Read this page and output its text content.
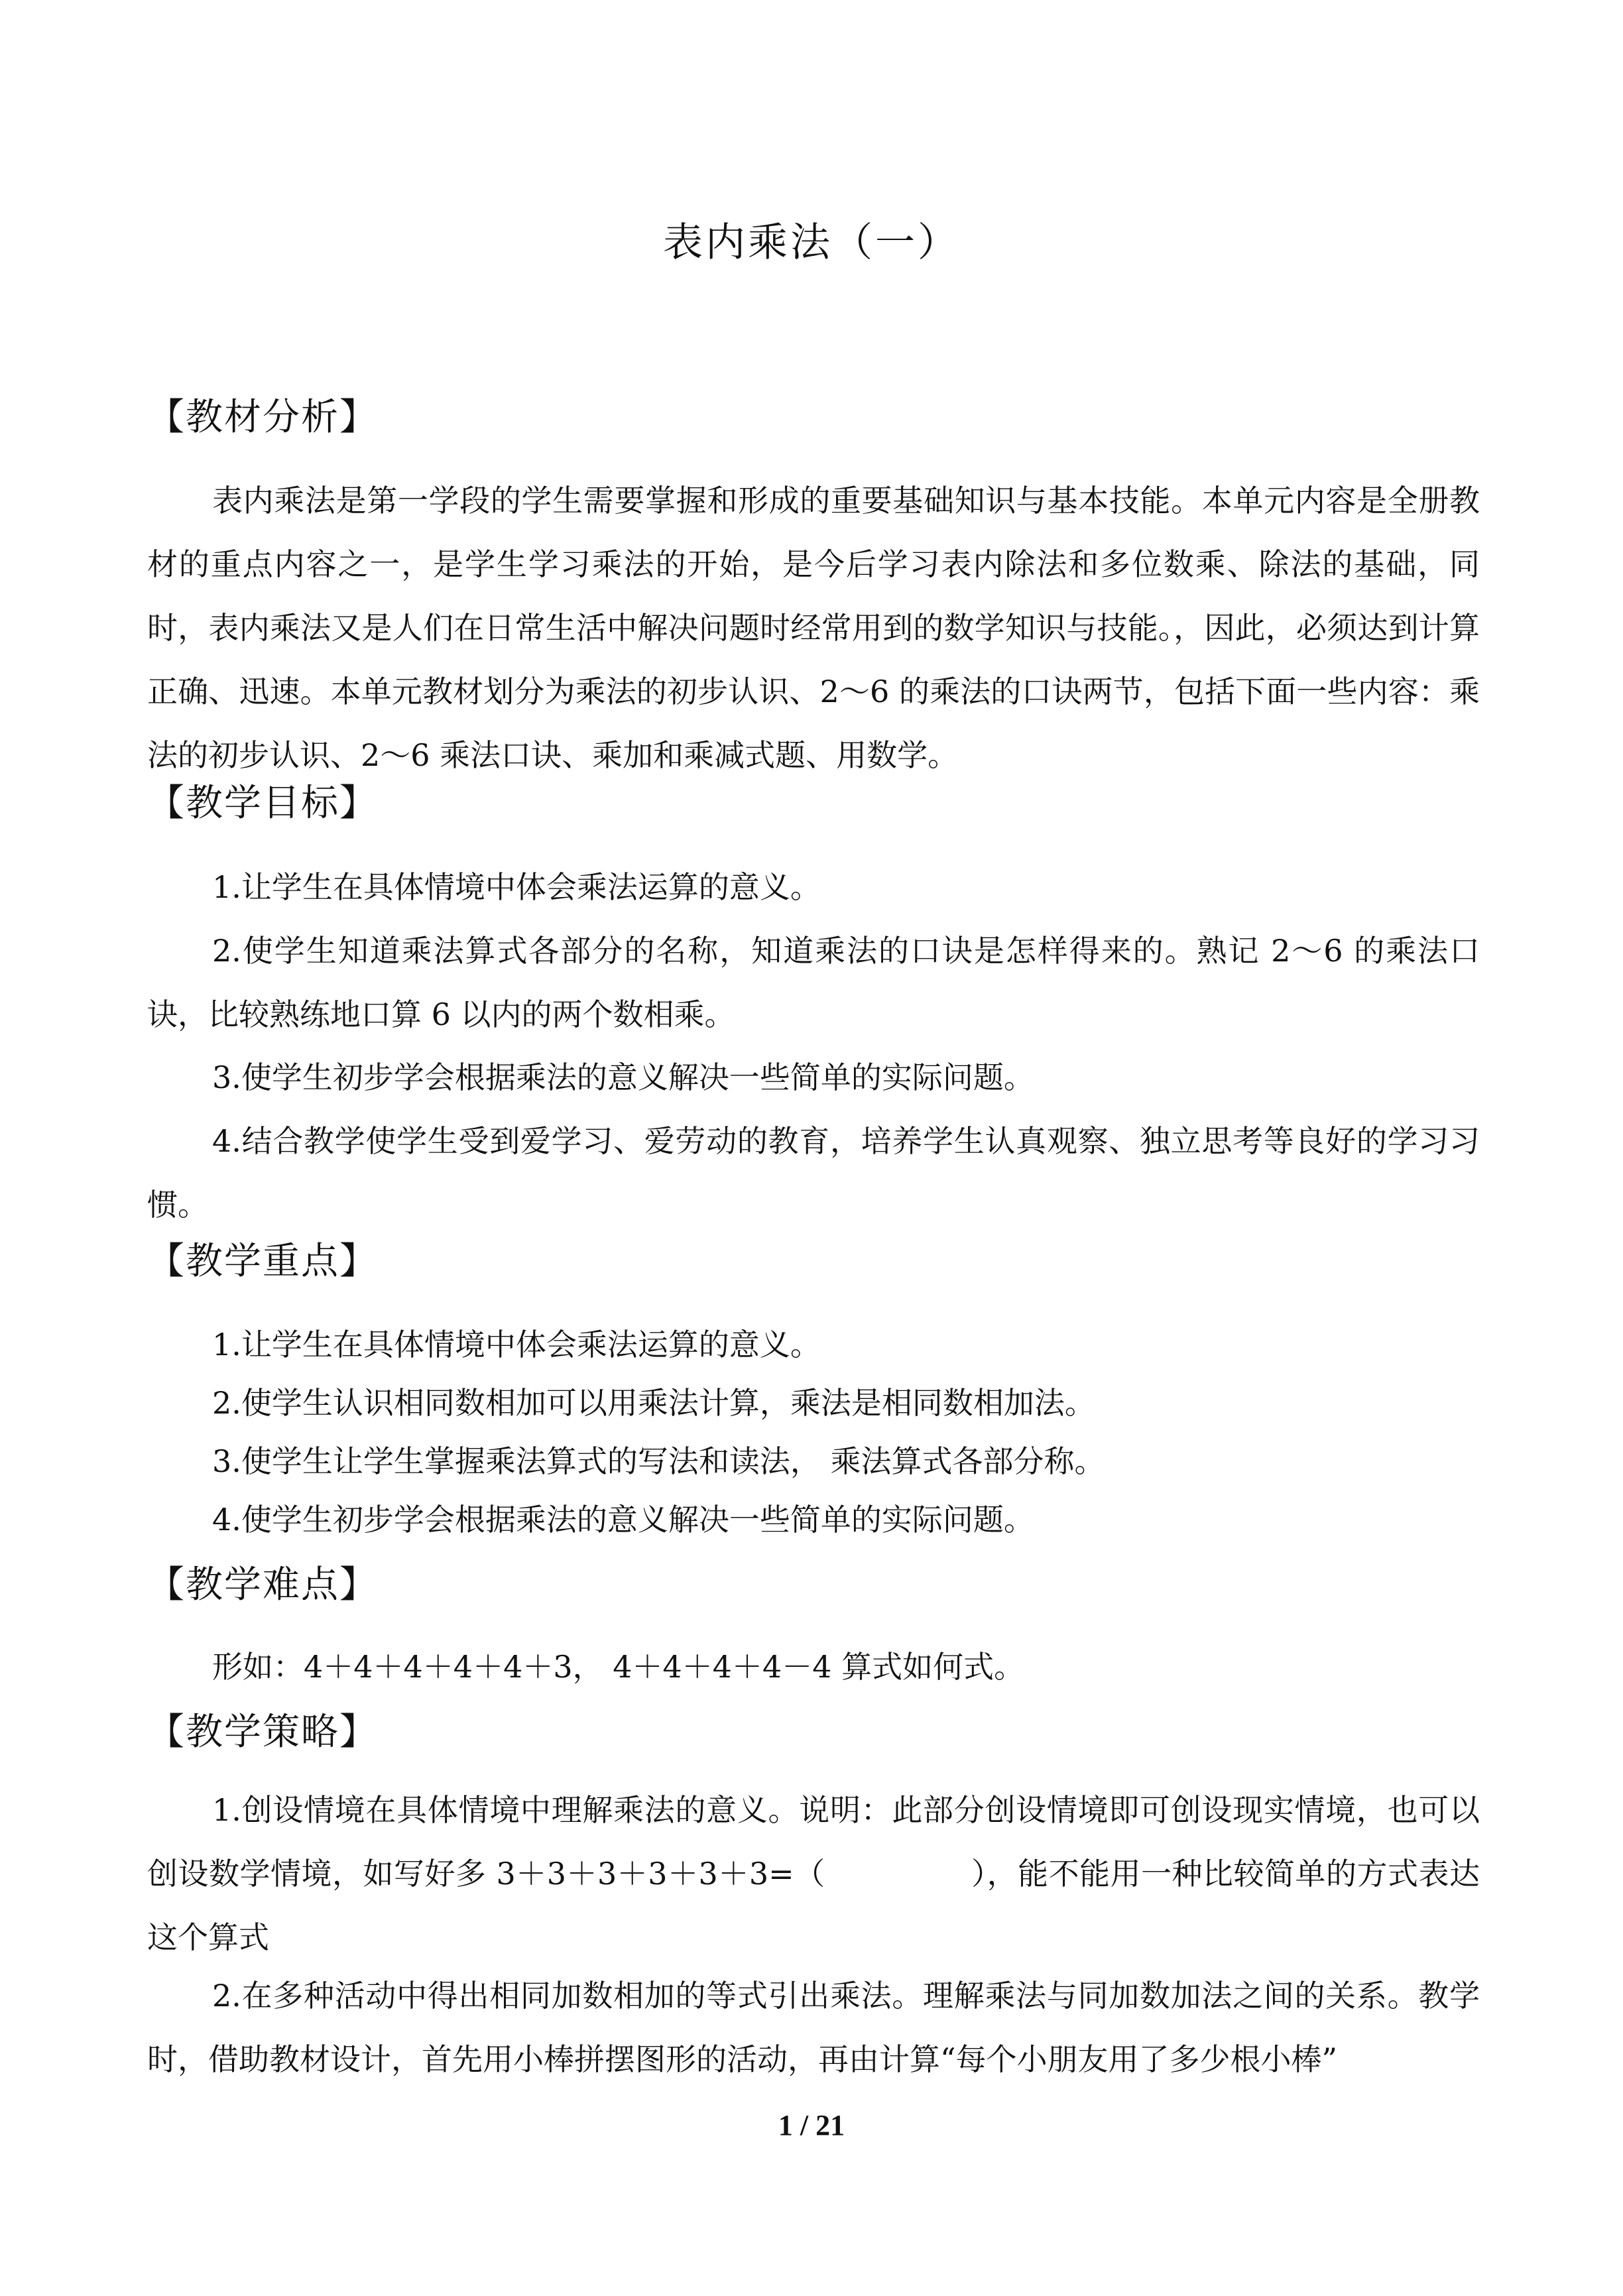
表内乘法（一）
【教材分析】

表内乘法是第一学段的学生需要掌握和形成的重要基础知识与基本技能。本单元内容是全册教材的重点内容之一，是学生学习乘法的开始，是今后学习表内除法和多位数乘、除法的基础，同时，表内乘法又是人们在日常生活中解决问题时经常用到的数学知识与技能。，因此，必须达到计算正确、迅速。本单元教材划分为乘法的初步认识、2～6 的乘法的口诀两节，包括下面一些内容：乘法的初步认识、2～6 乘法口诀、乘加和乘减式题、用数学。

【教学目标】

1.让学生在具体情境中体会乘法运算的意义。

2.使学生知道乘法算式各部分的名称，知道乘法的口诀是怎样得来的。熟记 2～6 的乘法口诀，比较熟练地口算 6 以内的两个数相乘。

3.使学生初步学会根据乘法的意义解决一些简单的实际问题。

4.结合教学使学生受到爱学习、爱劳动的教育，培养学生认真观察、独立思考等良好的学习习惯。

【教学重点】

1.让学生在具体情境中体会乘法运算的意义。

2.使学生认识相同数相加可以用乘法计算，乘法是相同数相加法。

3.使学生让学生掌握乘法算式的写法和读法， 乘法算式各部分称。

4.使学生初步学会根据乘法的意义解决一些简单的实际问题。

【教学难点】

形如：4＋4＋4＋4＋4＋3， 4＋4＋4＋4－4 算式如何式。

【教学策略】

1.创设情境在具体情境中理解乘法的意义。说明：此部分创设情境即可创设现实情境，也可以创设数学情境，如写好多 3＋3＋3＋3＋3＋3=（	），能不能用一种比较简单的方式表达这个算式

2.在多种活动中得出相同加数相加的等式引出乘法。理解乘法与同加数加法之间的关系。教学时，借助教材设计，首先用小棒拼摆图形的活动，再由计算“每个小朋友用了多少根小棒”

1 / 21
